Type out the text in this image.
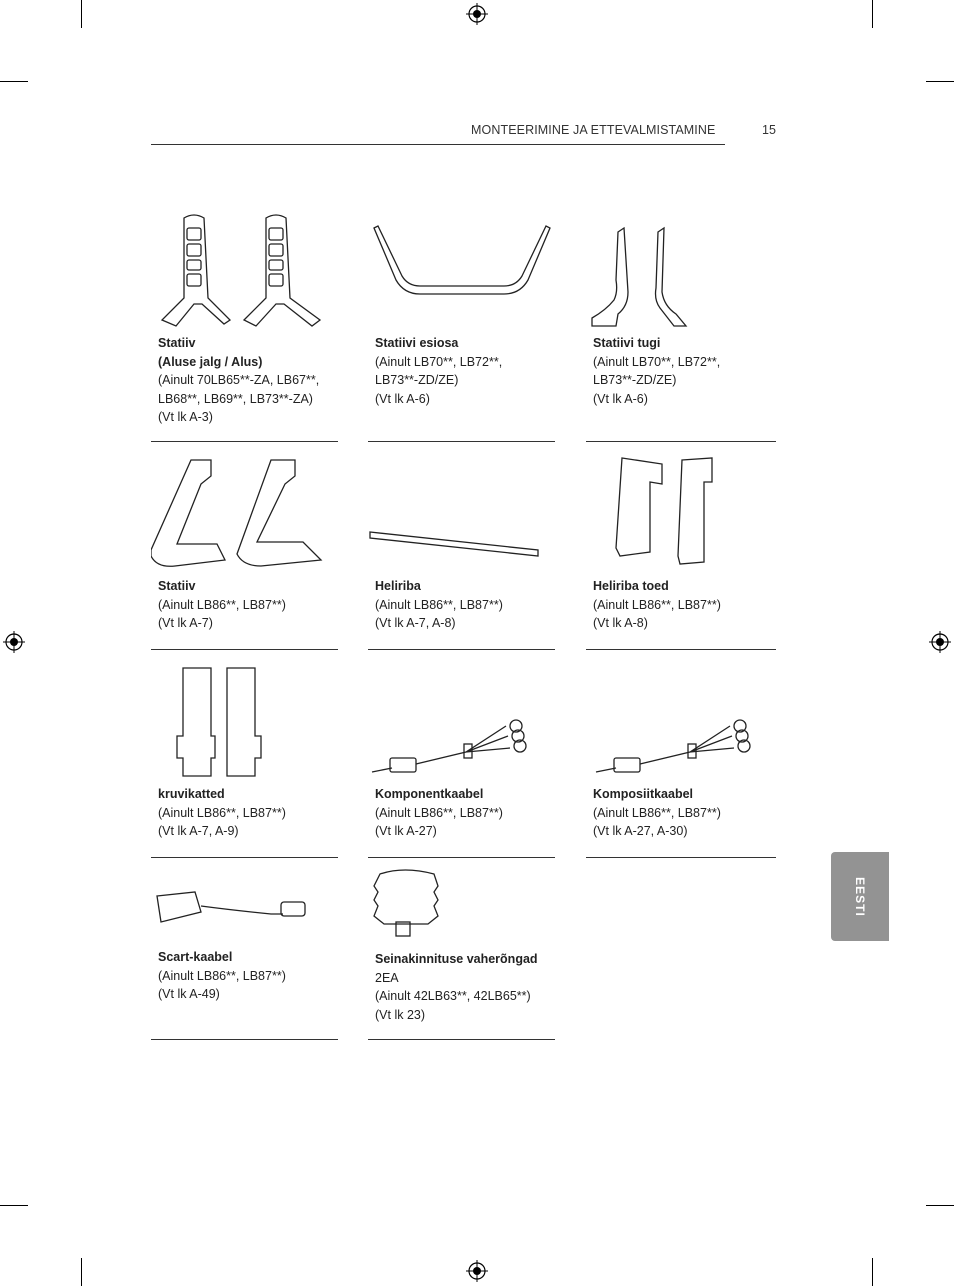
MONTEERIMINE JA ETTEVALMISTAMINE	15
EESTI
Statiiv
(Aluse jalg / Alus)
(Ainult 70LB65**-ZA, LB67**,
LB68**, LB69**, LB73**-ZA)
(Vt lk A-3)
Statiivi esiosa
(Ainult LB70**, LB72**,
LB73**-ZD/ZE)
(Vt lk A-6)
Statiivi tugi
(Ainult LB70**, LB72**,
LB73**-ZD/ZE)
(Vt lk A-6)
Statiiv
(Ainult LB86**, LB87**)
(Vt lk A-7)
Heliriba
(Ainult LB86**, LB87**)
(Vt lk A-7, A-8)
Heliriba toed
(Ainult LB86**, LB87**)
(Vt lk A-8)
kruvikatted
(Ainult LB86**, LB87**)
(Vt lk A-7, A-9)
Komponentkaabel
(Ainult LB86**, LB87**)
(Vt lk A-27)
Komposiitkaabel
(Ainult LB86**, LB87**)
(Vt lk A-27, A-30)
Scart-kaabel
(Ainult LB86**, LB87**)
(Vt lk A-49)
Seinakinnituse vaherõngad
2EA
(Ainult 42LB63**, 42LB65**)
(Vt lk 23)
